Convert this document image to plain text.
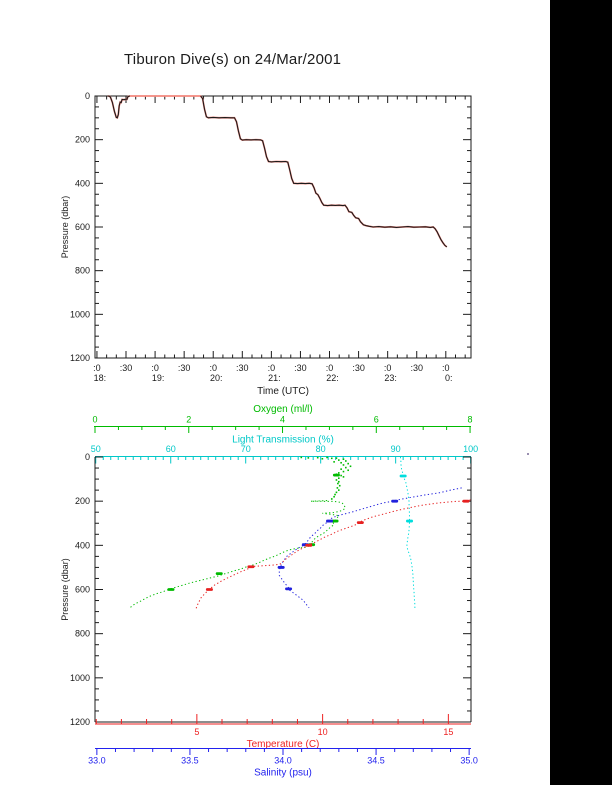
Tiburon Dive(s) on 24/Mar/2001
0
200
400
600
800
1000
1200
:0 :30 :0 :30 :0 :30 :0 :30 :0 :30 :0 :30 :0
18:	19:	20:	21:	22:	23:	0:
Time (UTC)
Pressure (dbar)
0	2	4	6	8
Oxygen (ml/l)
50	60	70	80	90	100
Light Transmission (%)
0
200
400
600
800
1000
1200
Pressure (dbar)
5	10	15
Temperature (C)
33.0	33.5	34.0	34.5	35.0
Salinity (psu)
